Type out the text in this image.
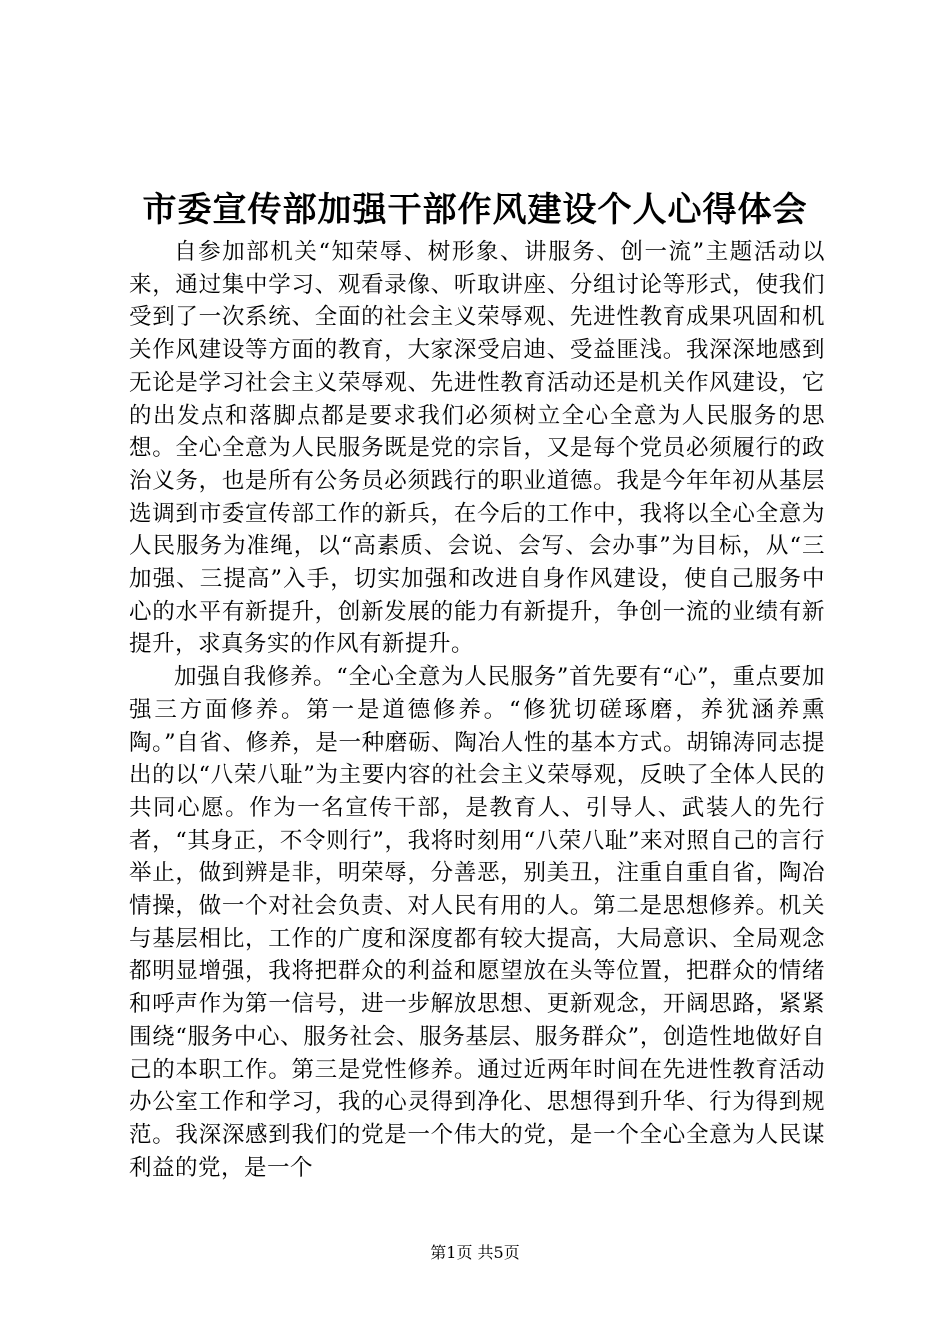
市委宣传部加强干部作风建设个人心得体会

自参加部机关“知荣辱、树形象、讲服务、创一流”主题活动以来，通过集中学习、观看录像、听取讲座、分组讨论等形式，使我们受到了一次系统、全面的社会主义荣辱观、先进性教育成果巩固和机关作风建设等方面的教育，大家深受启迪、受益匪浅。我深深地感到无论是学习社会主义荣辱观、先进性教育活动还是机关作风建设，它的出发点和落脚点都是要求我们必须树立全心全意为人民服务的思想。全心全意为人民服务既是党的宗旨，又是每个党员必须履行的政治义务，也是所有公务员必须践行的职业道德。我是今年年初从基层选调到市委宣传部工作的新兵，在今后的工作中，我将以全心全意为人民服务为准绳，以“高素质、会说、会写、会办事”为目标，从“三加强、三提高”入手，切实加强和改进自身作风建设，使自己服务中心的水平有新提升，创新发展的能力有新提升，争创一流的业绩有新提升，求真务实的作风有新提升。

加强自我修养。“全心全意为人民服务”首先要有“心”，重点要加强三方面修养。第一是道德修养。“修犹切磋琢磨，养犹涵养熏陶。”自省、修养，是一种磨砺、陶冶人性的基本方式。胡锦涛同志提出的以“八荣八耻”为主要内容的社会主义荣辱观，反映了全体人民的共同心愿。作为一名宣传干部，是教育人、引导人、武装人的先行者，“其身正，不令则行”，我将时刻用“八荣八耻”来对照自己的言行举止，做到辨是非，明荣辱，分善恶，别美丑，注重自重自省，陶冶情操，做一个对社会负责、对人民有用的人。第二是思想修养。机关与基层相比，工作的广度和深度都有较大提高，大局意识、全局观念都明显增强，我将把群众的利益和愿望放在头等位置，把群众的情绪和呼声作为第一信号，进一步解放思想、更新观念，开阔思路，紧紧围绕“服务中心、服务社会、服务基层、服务群众”，创造性地做好自己的本职工作。第三是党性修养。通过近两年时间在先进性教育活动办公室工作和学习，我的心灵得到净化、思想得到升华、行为得到规范。我深深感到我们的党是一个伟大的党，是一个全心全意为人民谋利益的党，是一个

第1页 共5页
